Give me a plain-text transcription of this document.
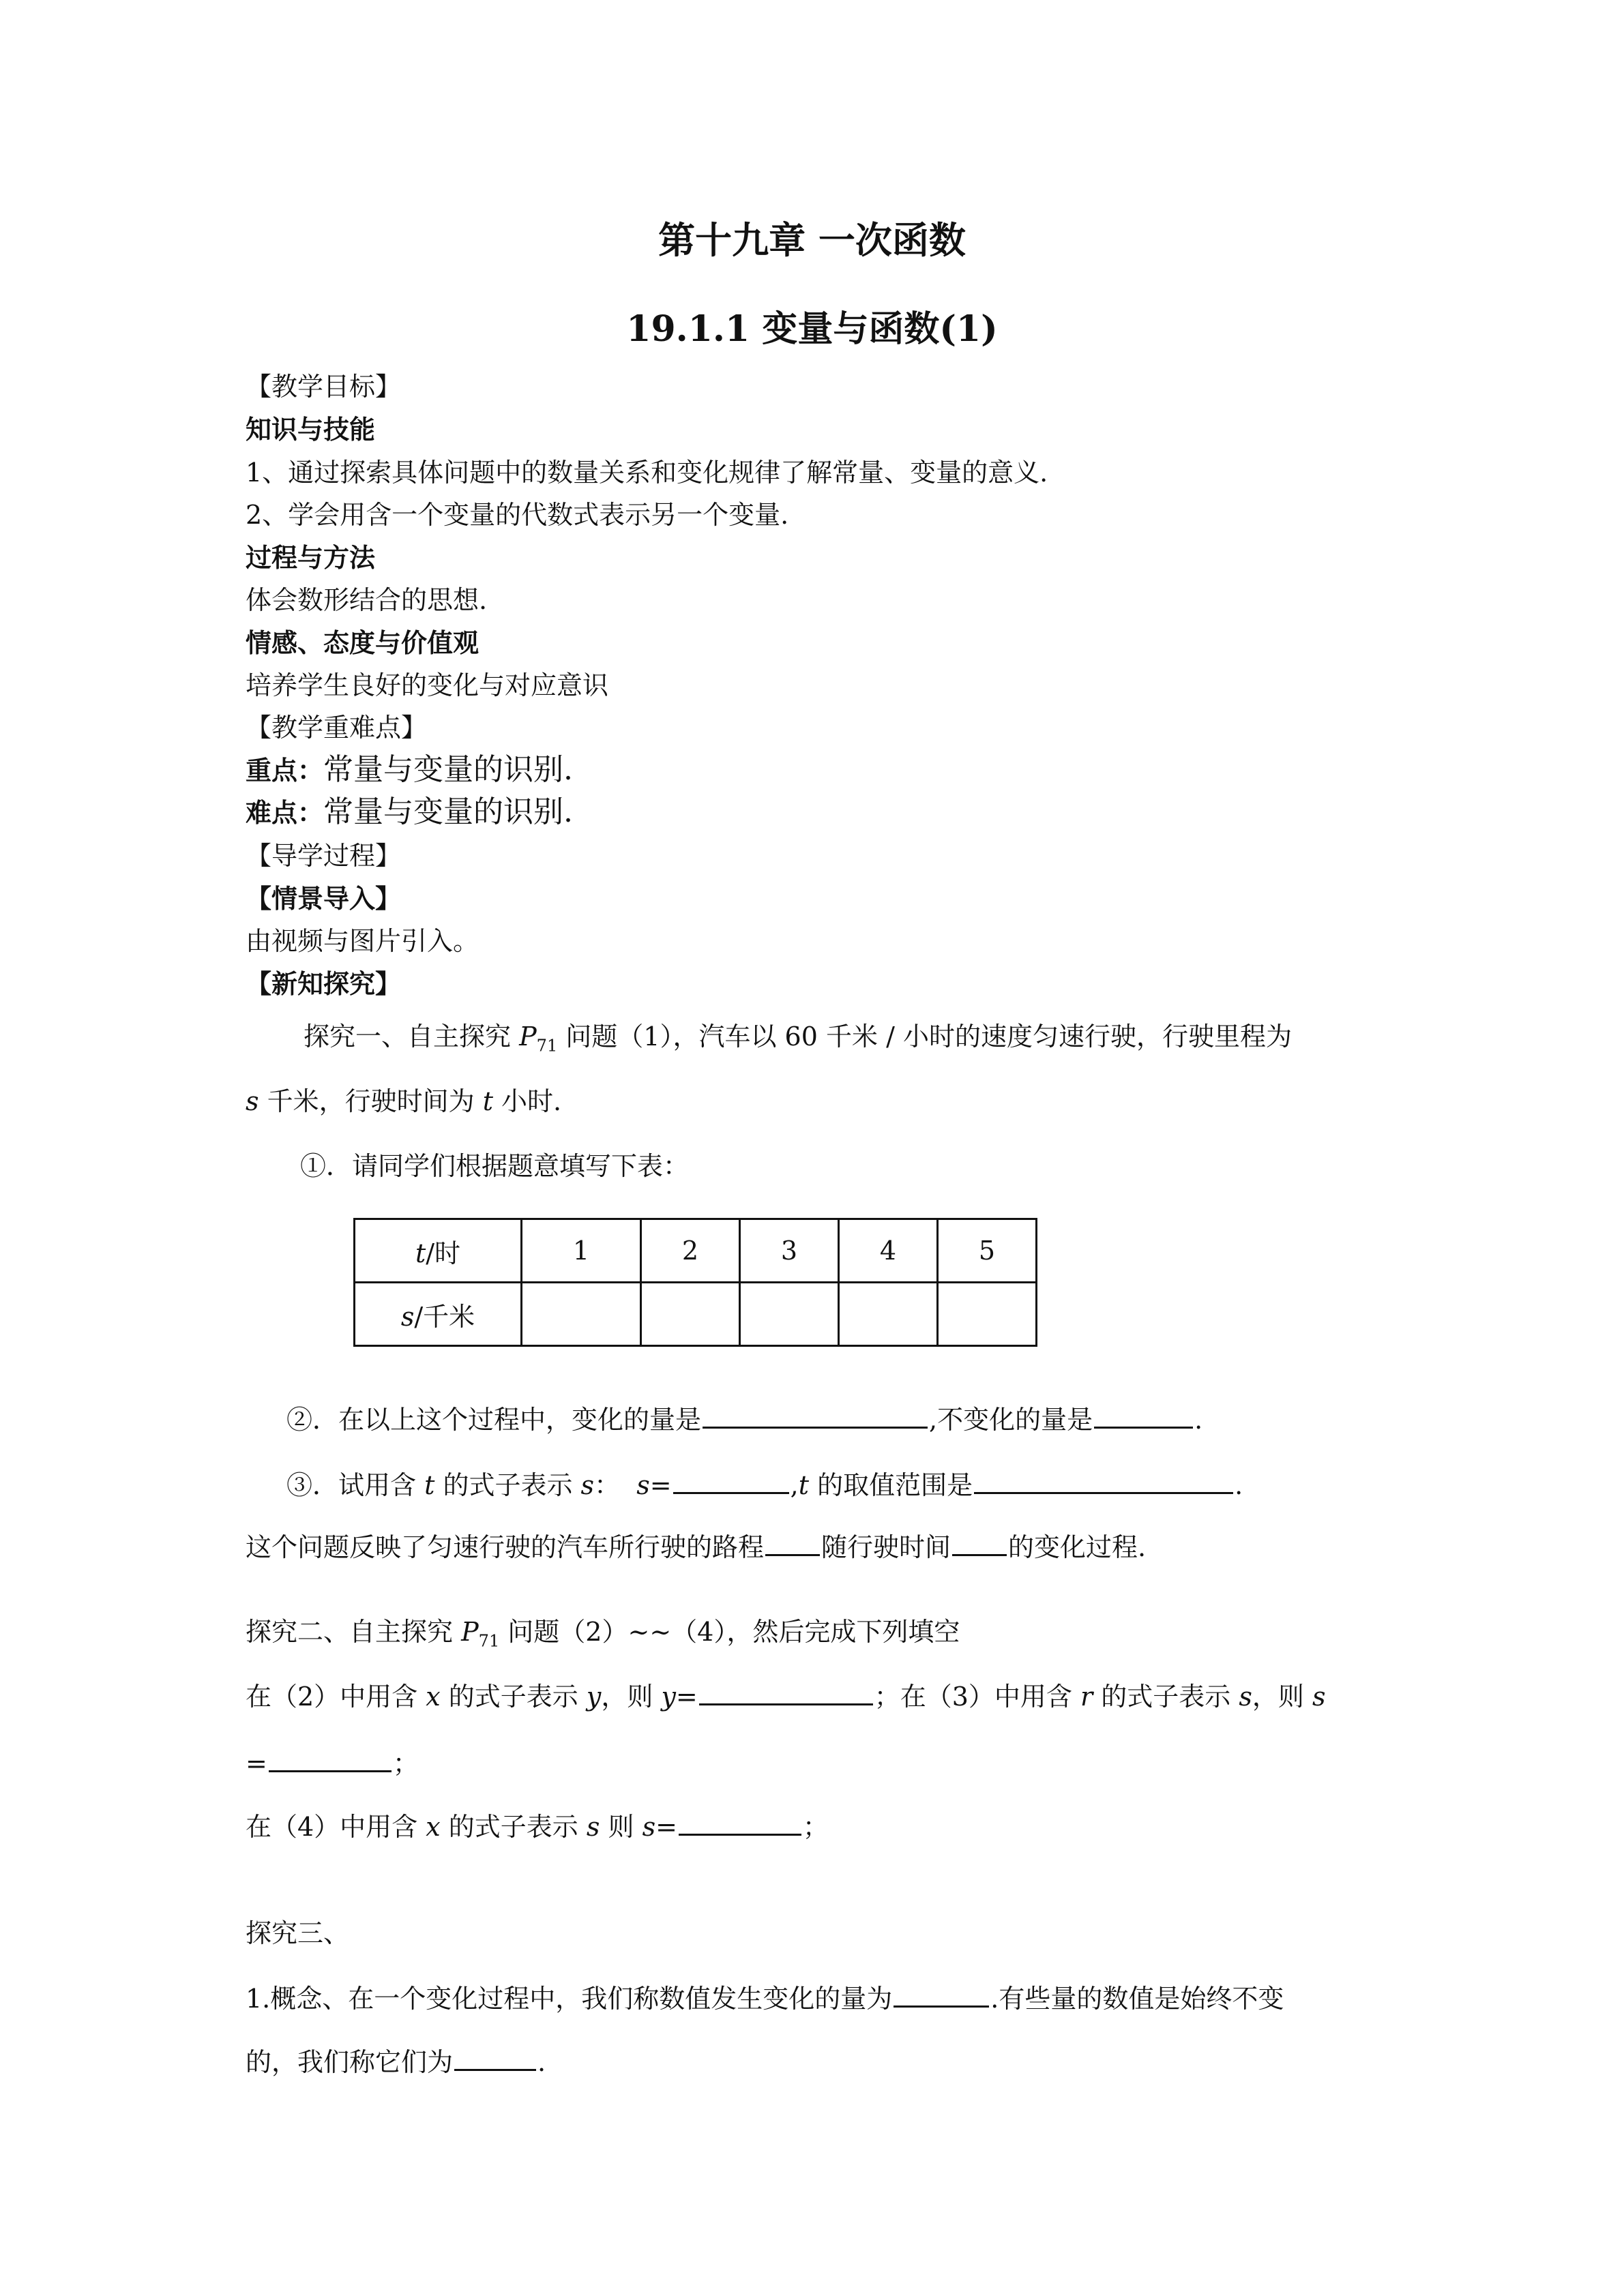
第十九章 一次函数
19.1.1 变量与函数(1)
【教学目标】
知识与技能
1、通过探索具体问题中的数量关系和变化规律了解常量、变量的意义.
2、学会用含一个变量的代数式表示另一个变量.
过程与方法
体会数形结合的思想.
情感、态度与价值观
培养学生良好的变化与对应意识
【教学重难点】
重点：常量与变量的识别.
难点：常量与变量的识别.
【导学过程】
【情景导入】
由视频与图片引入。
【新知探究】
探究一、自主探究 $P_{71}$ 问题（1），汽车以 60 千米 / 小时的速度匀速行驶，行驶里程为
s 千米，行驶时间为 t 小时.
①．请同学们根据题意填写下表：
t/时	1	2	3	4	5
s/千米					
②．在以上这个过程中，变化的量是	,不变化的量是	.
③．试用含 t 的式子表示 s： s=	,t 的取值范围是	.
这个问题反映了匀速行驶的汽车所行驶的路程 随行驶时间 的变化过程.
探究二、自主探究 $P_{71}$ 问题（2）~~（4），然后完成下列填空
在（2）中用含 x 的式子表示 y，则 y=	；在（3）中用含 r 的式子表示 s，则 s
=	；
在（4）中用含 x 的式子表示 s 则 s=	；
探究三、
1.概念、在一个变化过程中，我们称数值发生变化的量为	.有些量的数值是始终不变
的，我们称它们为	.
